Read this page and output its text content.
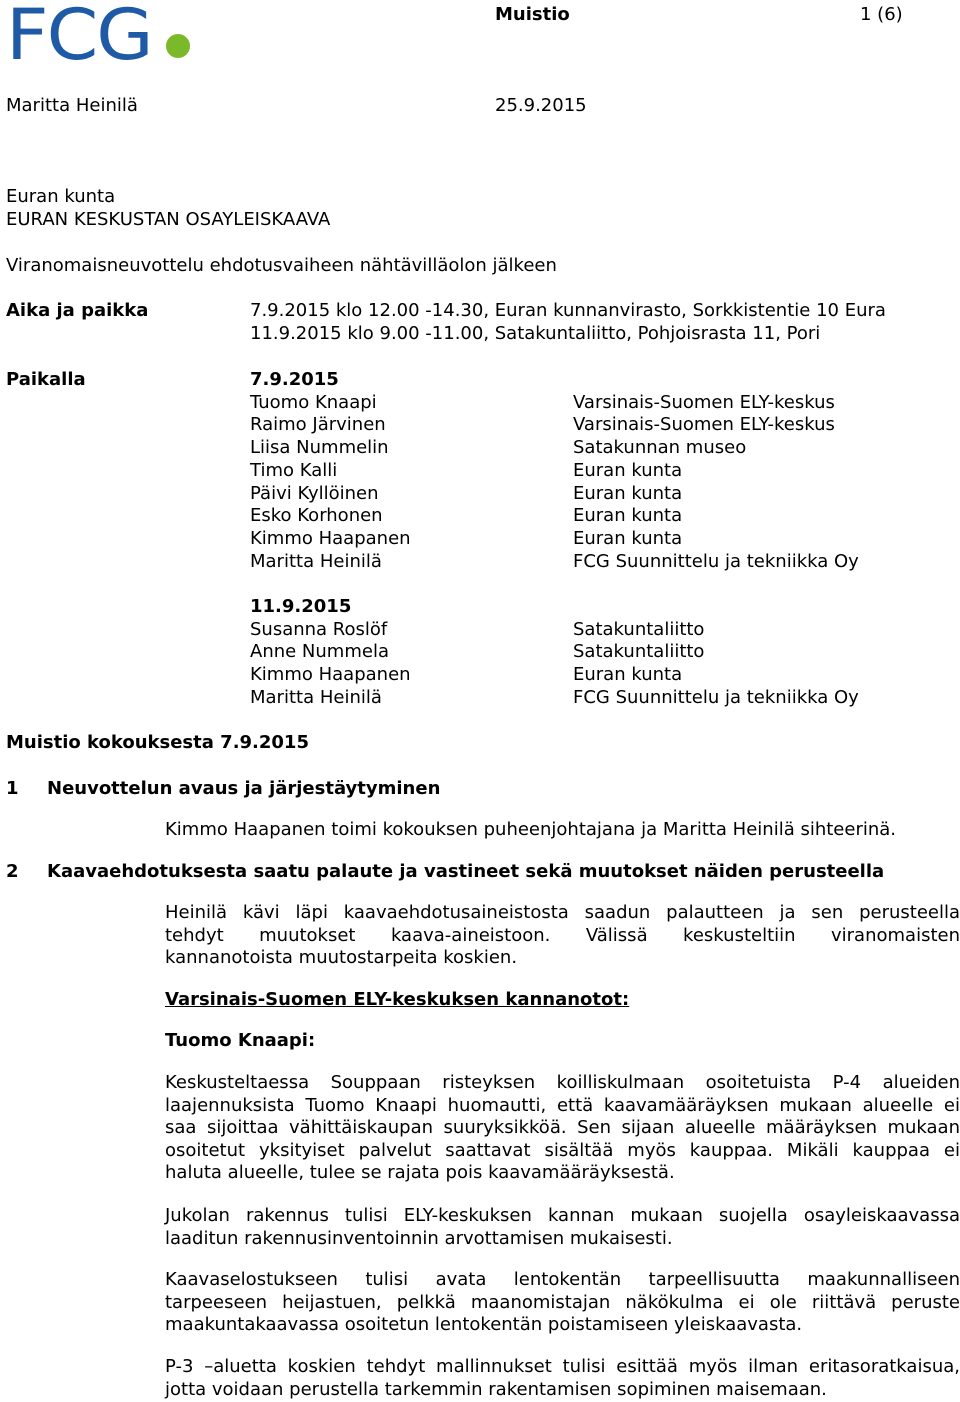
FCG	Muistio	1 (6)
Maritta Heinilä	25.9.2015
Euran kunta
EURAN KESKUSTAN OSAYLEISKAAVA
Viranomaisneuvottelu ehdotusvaiheen nähtävilläolon jälkeen
Aika ja paikka	7.9.2015 klo 12.00 -14.30, Euran kunnanvirasto, Sorkkistentie 10 Eura
11.9.2015 klo 9.00 -11.00, Satakuntaliitto, Pohjoisrasta 11, Pori
Paikalla	7.9.2015
Tuomo Knaapi	Varsinais-Suomen ELY-keskus
Raimo Järvinen	Varsinais-Suomen ELY-keskus
Liisa Nummelin	Satakunnan museo
Timo Kalli	Euran kunta
Päivi Kyllöinen	Euran kunta
Esko Korhonen	Euran kunta
Kimmo Haapanen	Euran kunta
Maritta Heinilä	FCG Suunnittelu ja tekniikka Oy
11.9.2015
Susanna Roslöf	Satakuntaliitto
Anne Nummela	Satakuntaliitto
Kimmo Haapanen	Euran kunta
Maritta Heinilä	FCG Suunnittelu ja tekniikka Oy
Muistio kokouksesta 7.9.2015
1 Neuvottelun avaus ja järjestäytyminen
Kimmo Haapanen toimi kokouksen puheenjohtajana ja Maritta Heinilä sihteerinä.
2 Kaavaehdotuksesta saatu palaute ja vastineet sekä muutokset näiden perusteella
Heinilä kävi läpi kaavaehdotusaineistosta saadun palautteen ja sen perusteella
tehdyt muutokset kaava-aineistoon. Välissä keskusteltiin viranomaisten
kannanotoista muutostarpeita koskien.
Varsinais-Suomen ELY-keskuksen kannanotot:
Tuomo Knaapi:
Keskusteltaessa Souppaan risteyksen koilliskulmaan osoitetuista P-4 alueiden
laajennuksista Tuomo Knaapi huomautti, että kaavamääräyksen mukaan alueelle ei
saa sijoittaa vähittäiskaupan suuryksikköä. Sen sijaan alueelle määräyksen mukaan
osoitetut yksityiset palvelut saattavat sisältää myös kauppaa. Mikäli kauppaa ei
haluta alueelle, tulee se rajata pois kaavamääräyksestä.
Jukolan rakennus tulisi ELY-keskuksen kannan mukaan suojella osayleiskaavassa
laaditun rakennusinventoinnin arvottamisen mukaisesti.
Kaavaselostukseen tulisi avata lentokentän tarpeellisuutta maakunnalliseen
tarpeeseen heijastuen, pelkkä maanomistajan näkökulma ei ole riittävä peruste
maakuntakaavassa osoitetun lentokentän poistamiseen yleiskaavasta.
P-3 –aluetta koskien tehdyt mallinnukset tulisi esittää myös ilman eritasoratkaisua,
jotta voidaan perustella tarkemmin rakentamisen sopiminen maisemaan.
